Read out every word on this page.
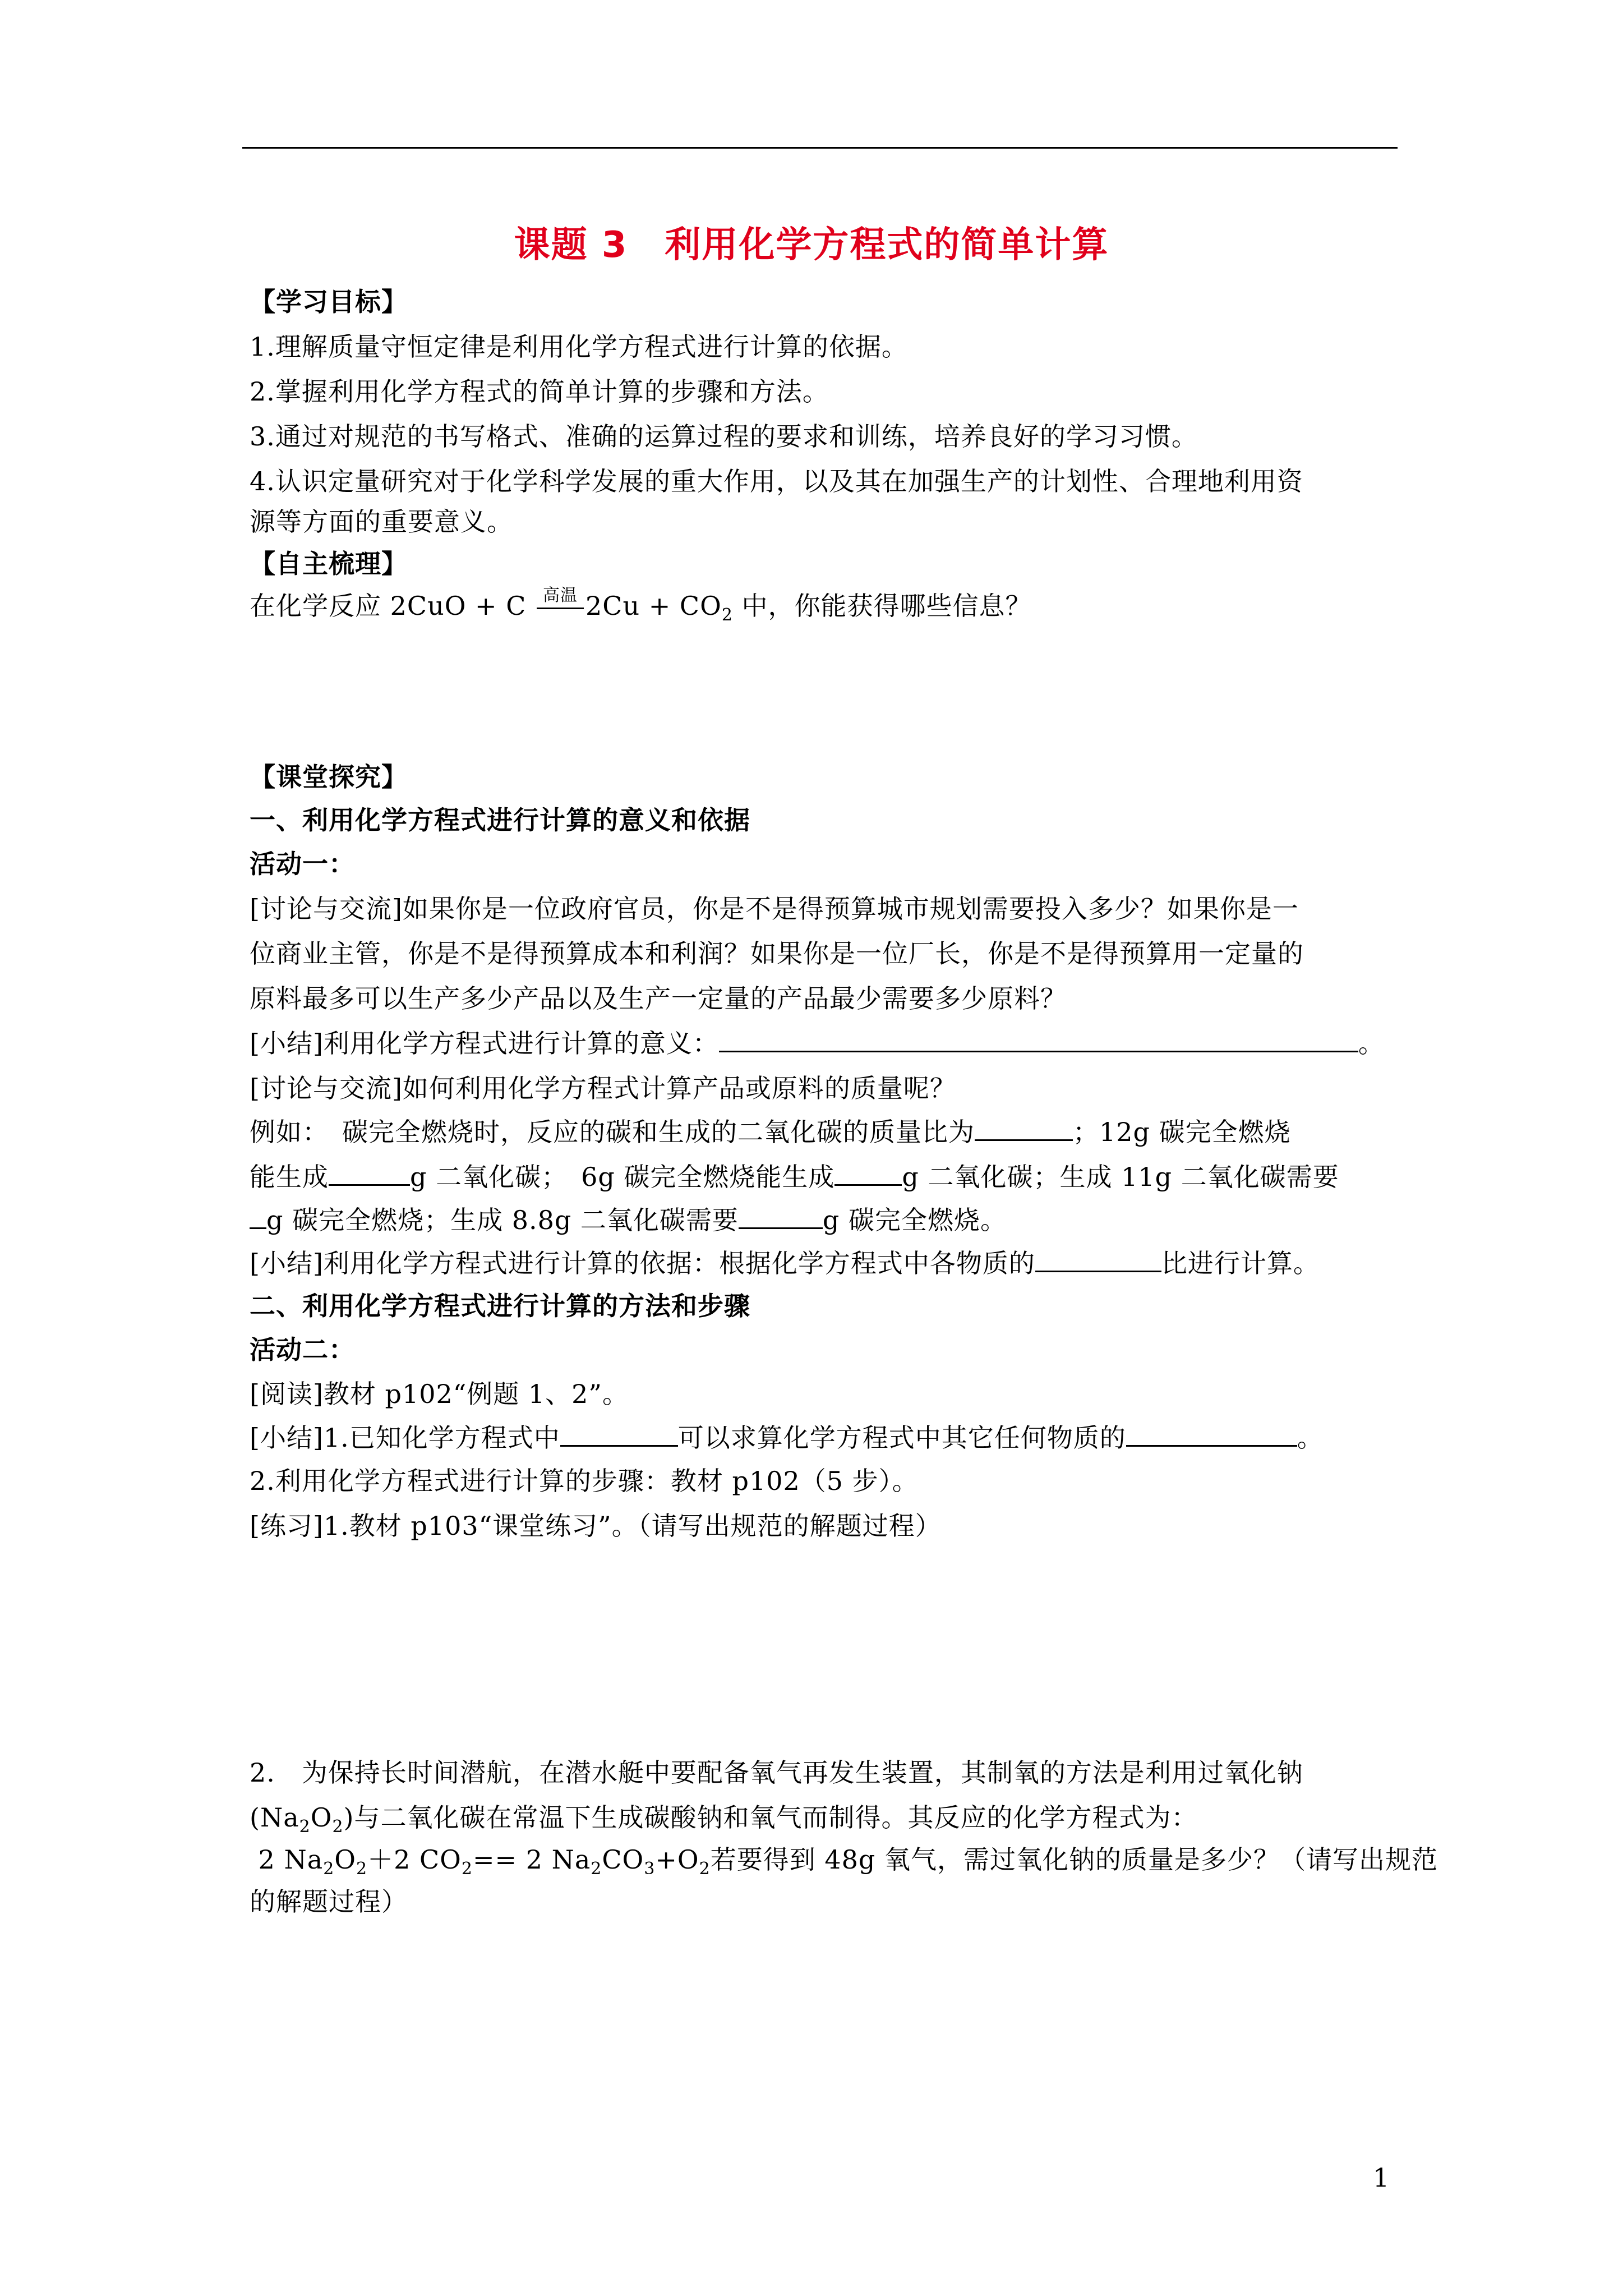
课题 3　利用化学方程式的简单计算
【学习目标】
1.理解质量守恒定律是利用化学方程式进行计算的依据。
2.掌握利用化学方程式的简单计算的步骤和方法。
3.通过对规范的书写格式、准确的运算过程的要求和训练，培养良好的学习习惯。
4.认识定量研究对于化学科学发展的重大作用，以及其在加强生产的计划性、合理地利用资
源等方面的重要意义。
【自主梳理】
在化学反应 2CuO + C 高温 $2Cu + CO_2$ 中，你能获得哪些信息？
【课堂探究】
一、利用化学方程式进行计算的意义和依据
活动一：
[讨论与交流]如果你是一位政府官员，你是不是得预算城市规划需要投入多少？如果你是一
位商业主管，你是不是得预算成本和利润？如果你是一位厂长，你是不是得预算用一定量的
原料最多可以生产多少产品以及生产一定量的产品最少需要多少原料？
[小结]利用化学方程式进行计算的意义：	。
[讨论与交流]如何利用化学方程式计算产品或原料的质量呢？
例如：　碳完全燃烧时，反应的碳和生成的二氧化碳的质量比为	；12g 碳完全燃烧
能生成	g 二氧化碳；　6g 碳完全燃烧能生成	g 二氧化碳；生成 11g 二氧化碳需要
g 碳完全燃烧；生成 8.8g 二氧化碳需要	g 碳完全燃烧。
[小结]利用化学方程式进行计算的依据：根据化学方程式中各物质的	比进行计算。
二、利用化学方程式进行计算的方法和步骤
活动二：
[阅读]教材 p102“例题 1、2”。
[小结]1.已知化学方程式中	可以求算化学方程式中其它任何物质的	。
2.利用化学方程式进行计算的步骤：教材 p102（5 步）。
[练习]1.教材 p103“课堂练习”。（请写出规范的解题过程）
2.　为保持长时间潜航，在潜水艇中要配备氧气再发生装置，其制氧的方法是利用过氧化钠
$(Na_2O_2)$与二氧化碳在常温下生成碳酸钠和氧气而制得。其反应的化学方程式为：
2 $Na_2O_2+2$ $CO_2== 2$ $Na_2CO_3+O_2$若要得到 48g 氧气，需过氧化钠的质量是多少？（请写出规范
的解题过程）
1
